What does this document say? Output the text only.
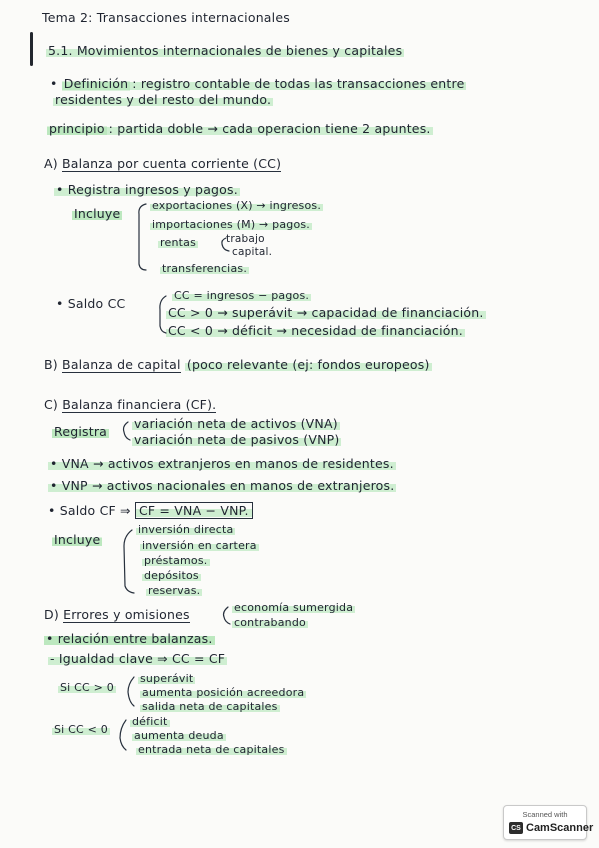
Tema 2: Transacciones internacionales
5.1. Movimientos internacionales de bienes y capitales
• Definición : registro contable de todas las transacciones entre
residentes y del resto del mundo.
principio : partida doble → cada operacion tiene 2 apuntes.
A) Balanza por cuenta corriente (CC)
• Registra ingresos y pagos.
Incluye
exportaciones (X) → ingresos.
importaciones (M) → pagos.
rentas	trabajo
capital.
transferencias.
• Saldo CC
CC = ingresos − pagos.
CC > 0 → superávit → capacidad de financiación.
CC < 0 → déficit → necesidad de financiación.
B) Balanza de capital (poco relevante (ej: fondos europeos)
C) Balanza financiera (CF).
Registra
variación neta de activos (VNA)
variación neta de pasivos (VNP)
• VNA → activos extranjeros en manos de residentes.
• VNP → activos nacionales en manos de extranjeros.
• Saldo CF ⇒ CF = VNA − VNP.
Incluye
inversión directa
inversión en cartera
préstamos.
depósitos
reservas.
D) Errores y omisiones	economía sumergida
contrabando
• relación entre balanzas.
- Igualdad clave ⇒ CC = CF
Si CC > 0
superávit
aumenta posición acreedora
salida neta de capitales
Si CC < 0
déficit
aumenta deuda
entrada neta de capitales
Scanned with
CS CamScanner
